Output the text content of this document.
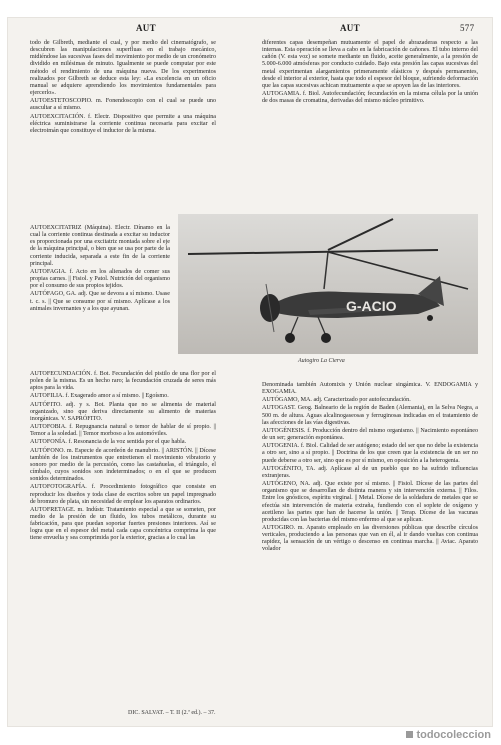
AUT	AUT	577

todo de Gilbreth, mediante el cual, y por medio del cinematógrafo, se descubren las manipulaciones superfluas en el trabajo mecánico, midiéndose las sucesivas fases del movimiento por medio de un cronómetro dividido en milésimas de minuto. Igualmente se puede computar por este método el rendimiento de una máquina nueva. De los experimentos realizados por Gilbreth se deduce esta ley: «La excelencia en un oficio manual se adquiere aprendiendo los movimientos fundamentales para ejercerlo».

AUTOESTETOSCOPIO. m. Fonendoscopio con el cual se puede uno auscultar a sí mismo.

AUTOEXCITACIÓN. f. Electr. Dispositivo que permite a una máquina eléctrica suministrarse la corriente continua necesaria para excitar el electroimán que constituye el inductor de la misma.

AUTOEXCITATRIZ (Máquina). Electr. Dínamo en la cual la corriente continua destinada a excitar su inductor es proporcionada por una excitatriz montada sobre el eje de la máquina principal, o bien que se usa por parte de la corriente inducida, separada a este fin de la corriente principal.

AUTOFAGIA. f. Acto en los alienados de comer sus propias carnes. || Fisiol. y Patol. Nutrición del organismo por el consumo de sus propios tejidos.

AUTÓFAGO, GA. adj. Que se devora a sí mismo. Usase t. c. s. || Que se consume por sí mismo. Aplícase a los animales invernantes y a los que ayunan.

AUTOFECUNDACIÓN. f. Bot. Fecundación del pistilo de una flor por el polen de la misma. Es un hecho raro; la fecundación cruzada de seres más aptos para la vida.

AUTOFILIA. f. Exagerado amor a sí mismo. || Egoísmo.

AUTÓFITO. adj. y s. Bot. Planta que no se alimenta de material organizado, sino que deriva directamente su alimento de materias inorgánicas. V. SAPRÓFITO.

AUTOFOBIA. f. Repugnancia natural o temor de hablar de sí propio. || Temor a la soledad. || Temor morboso a los automóviles.

AUTOFONÍA. f. Resonancia de la voz sentida por el que habla.

AUTÓFONO. m. Especie de acordeón de manubrio. || ARISTÓN. || Dícese también de los instrumentos que entretienen el movimiento vibratorio y sonoro por medio de la percusión, como las castañuelas, el triángulo, el címbalo, cuyos sonidos son indeterminados; o en el que se producen sonidos determinados.

AUTOFOTOGRAFÍA. f. Procedimiento fotográfico que consiste en reproducir los diseños y toda clase de escritos sobre un papel impregnado de bromuro de plata, sin necesidad de emplear los aparatos ordinarios.

AUTOFRETAGE. m. Indústr. Tratamiento especial a que se someten, por medio de la presión de un fluido, los tubos metálicos, durante su fabricación, para que puedan soportar fuertes presiones interiores. Así se logra que en el espesor del metal cada capa concéntrica comprima la que tiene envuelta y sea comprimida por la exterior, gracias a lo cual las

diferentes capas desempeñan mutuamente el papel de abrazaderas respecto a las internas. Esta operación se lleva a cabo en la fabricación de cañones. El tubo interno del cañón (V. esta voz) se somete mediante un fluido, aceite generalmente, a la presión de 5.000-6.000 atmósferas por conducto cuidado. Bajo esta presión las capas sucesivas del metal experimentan alargamientos primeramente elásticos y después permanentes, desde el interior al exterior, hasta que todo el espesor del bloque, sufriendo deformación que las capas sucesivas achican mutuamente a que se apoyen las de las interiores.

AUTOGAMIA. f. Biol. Autofecundación; fecundación en la misma célula por la unión de dos masas de cromatina, derivadas del mismo núcleo primitivo.

G-ACIO
Autogiro La Cierva

Denominada también Automixis y Unión nuclear singámica. V. ENDOGAMIA y EXOGAMIA.

AUTÓGAMO, MA. adj. Caracterizado por autofecundación.

AUTOGAST. Geog. Balneario de la región de Baden (Alemania), en la Selva Negra, a 500 m. de altura. Aguas alcalinogaseosas y ferruginosas indicadas en el tratamiento de las afecciones de las vías digestivas.

AUTOGÉNESIS. f. Producción dentro del mismo organismo. || Nacimiento espontáneo de un ser; generación espontánea.

AUTOGENIA. f. Biol. Calidad de ser autógeno; estado del ser que no debe la existencia a otro ser, sino a sí propio. || Doctrina de los que creen que la existencia de un ser no puede deberse a otro ser, sino que es por sí mismo, en oposición a la heterogenia.

AUTOGÉNITO, TA. adj. Aplícase al de un pueblo que no ha sufrido influencias extranjeras.

AUTÓGENO, NA. adj. Que existe por sí mismo. || Fisiol. Dícese de las partes del organismo que se desarrollan de distinta manera y sin intervención externa. || Filos. Entre los gnósticos, espíritu virginal. || Metal. Dícese de la soldadura de metales que se efectúa sin intervención de materia extraña, fundiendo con el soplete de oxígeno y acetileno las partes que han de hacerse la unión. || Terap. Dícese de las vacunas producidas con las bacterias del mismo enfermo al que se aplican.

AUTOGIRO. m. Aparato empleado en las diversiones públicas que describe círculos verticales, produciendo a las personas que van en él, al ir dando vueltas con continua rapidez, la sensación de un vértigo o descenso en continua marcha. || Aviac. Aparato volador

DIC. SALVAT. – T. II (2.ª ed.). – 37.
todocoleccion
